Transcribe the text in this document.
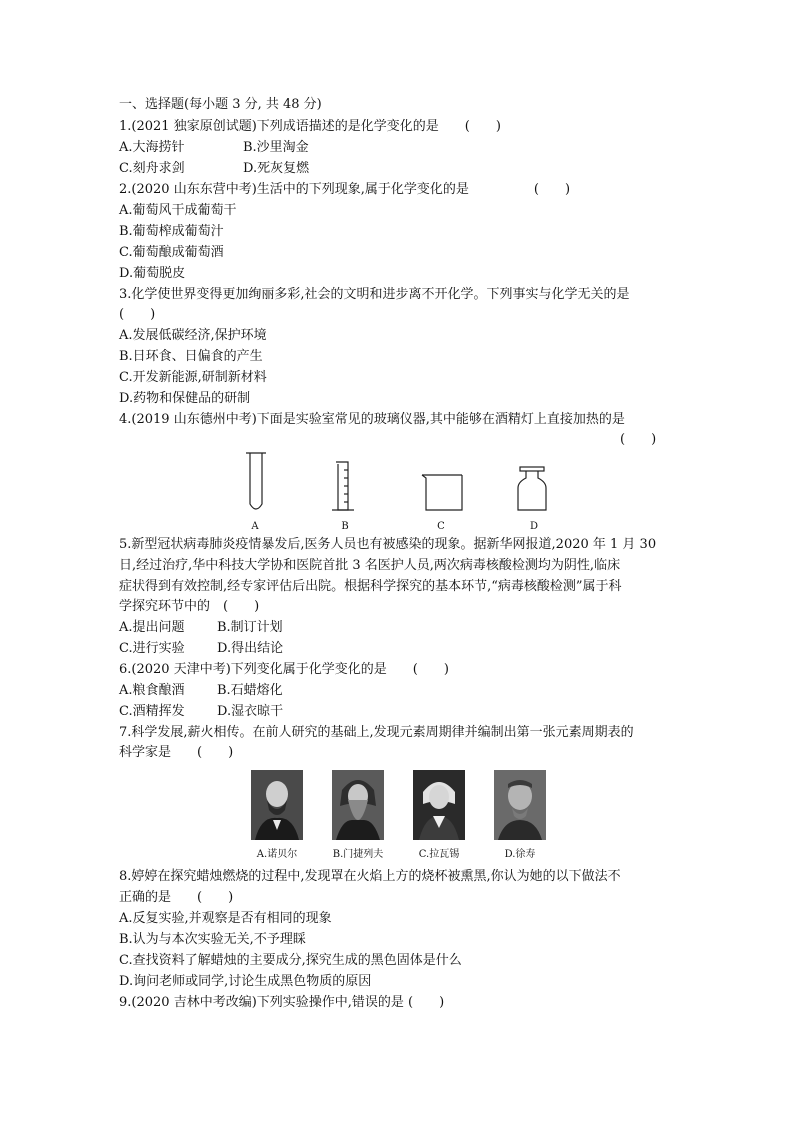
一、选择题(每小题 3 分, 共 48 分)
1.(2021 独家原创试题)下列成语描述的是化学变化的是　　(　　)
A.大海捞针	B.沙里淘金
C.刻舟求剑	D.死灰复燃
2.(2020 山东东营中考)生活中的下列现象,属于化学变化的是　　　　　(　　)
A.葡萄风干成葡萄干
B.葡萄榨成葡萄汁
C.葡萄酿成葡萄酒
D.葡萄脱皮
3.化学使世界变得更加绚丽多彩,社会的文明和进步离不开化学。下列事实与化学无关的是
(　　)
A.发展低碳经济,保护环境
B.日环食、日偏食的产生
C.开发新能源,研制新材料
D.药物和保健品的研制
4.(2019 山东德州中考)下面是实验室常见的玻璃仪器,其中能够在酒精灯上直接加热的是
(　　)
A	B	C	D
5.新型冠状病毒肺炎疫情暴发后,医务人员也有被感染的现象。据新华网报道,2020 年 1 月 30
日,经过治疗,华中科技大学协和医院首批 3 名医护人员,两次病毒核酸检测均为阴性,临床
症状得到有效控制,经专家评估后出院。根据科学探究的基本环节,“病毒核酸检测”属于科
学探究环节中的　(　　)
A.提出问题 B.制订计划
C.进行实验 D.得出结论
6.(2020 天津中考)下列变化属于化学变化的是　　(　　)
A.粮食酿酒 B.石蜡熔化
C.酒精挥发 D.湿衣晾干
7.科学发展,薪火相传。在前人研究的基础上,发现元素周期律并编制出第一张元素周期表的
科学家是　　(　　)
A.诺贝尔	B.门捷列夫	C.拉瓦锡	D.徐寿
8.婷婷在探究蜡烛燃烧的过程中,发现罩在火焰上方的烧杯被熏黑,你认为她的以下做法不
正确的是　　(　　)
A.反复实验,并观察是否有相同的现象
B.认为与本次实验无关,不予理睬
C.查找资料了解蜡烛的主要成分,探究生成的黑色固体是什么
D.询问老师或同学,讨论生成黑色物质的原因
9.(2020 吉林中考改编)下列实验操作中,错误的是 (　　)
